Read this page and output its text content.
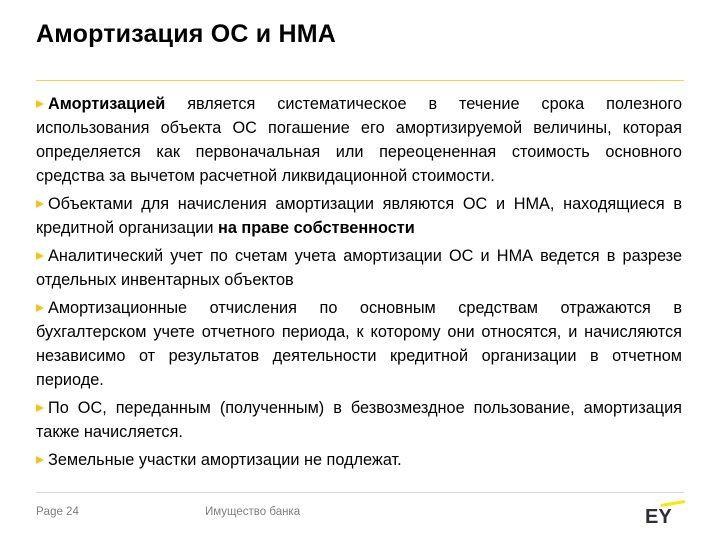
Амортизация ОС и НМА

Амортизацией является систематическое в течение срока полезного использования объекта ОС погашение его амортизируемой величины, которая определяется как первоначальная или переоцененная стоимость основного средства за вычетом расчетной ликвидационной стоимости.

Объектами для начисления амортизации являются ОС и НМА, находящиеся в кредитной организации на праве собственности

Аналитический учет по счетам учета амортизации ОС и НМА ведется в разрезе отдельных инвентарных объектов

Амортизационные отчисления по основным средствам отражаются в бухгалтерском учете отчетного периода, к которому они относятся, и начисляются независимо от результатов деятельности кредитной организации в отчетном периоде.

По ОС, переданным (полученным) в безвозмездное пользование, амортизация также начисляется.

Земельные участки амортизации не подлежат.

Page 24	Имущество банка	EY
